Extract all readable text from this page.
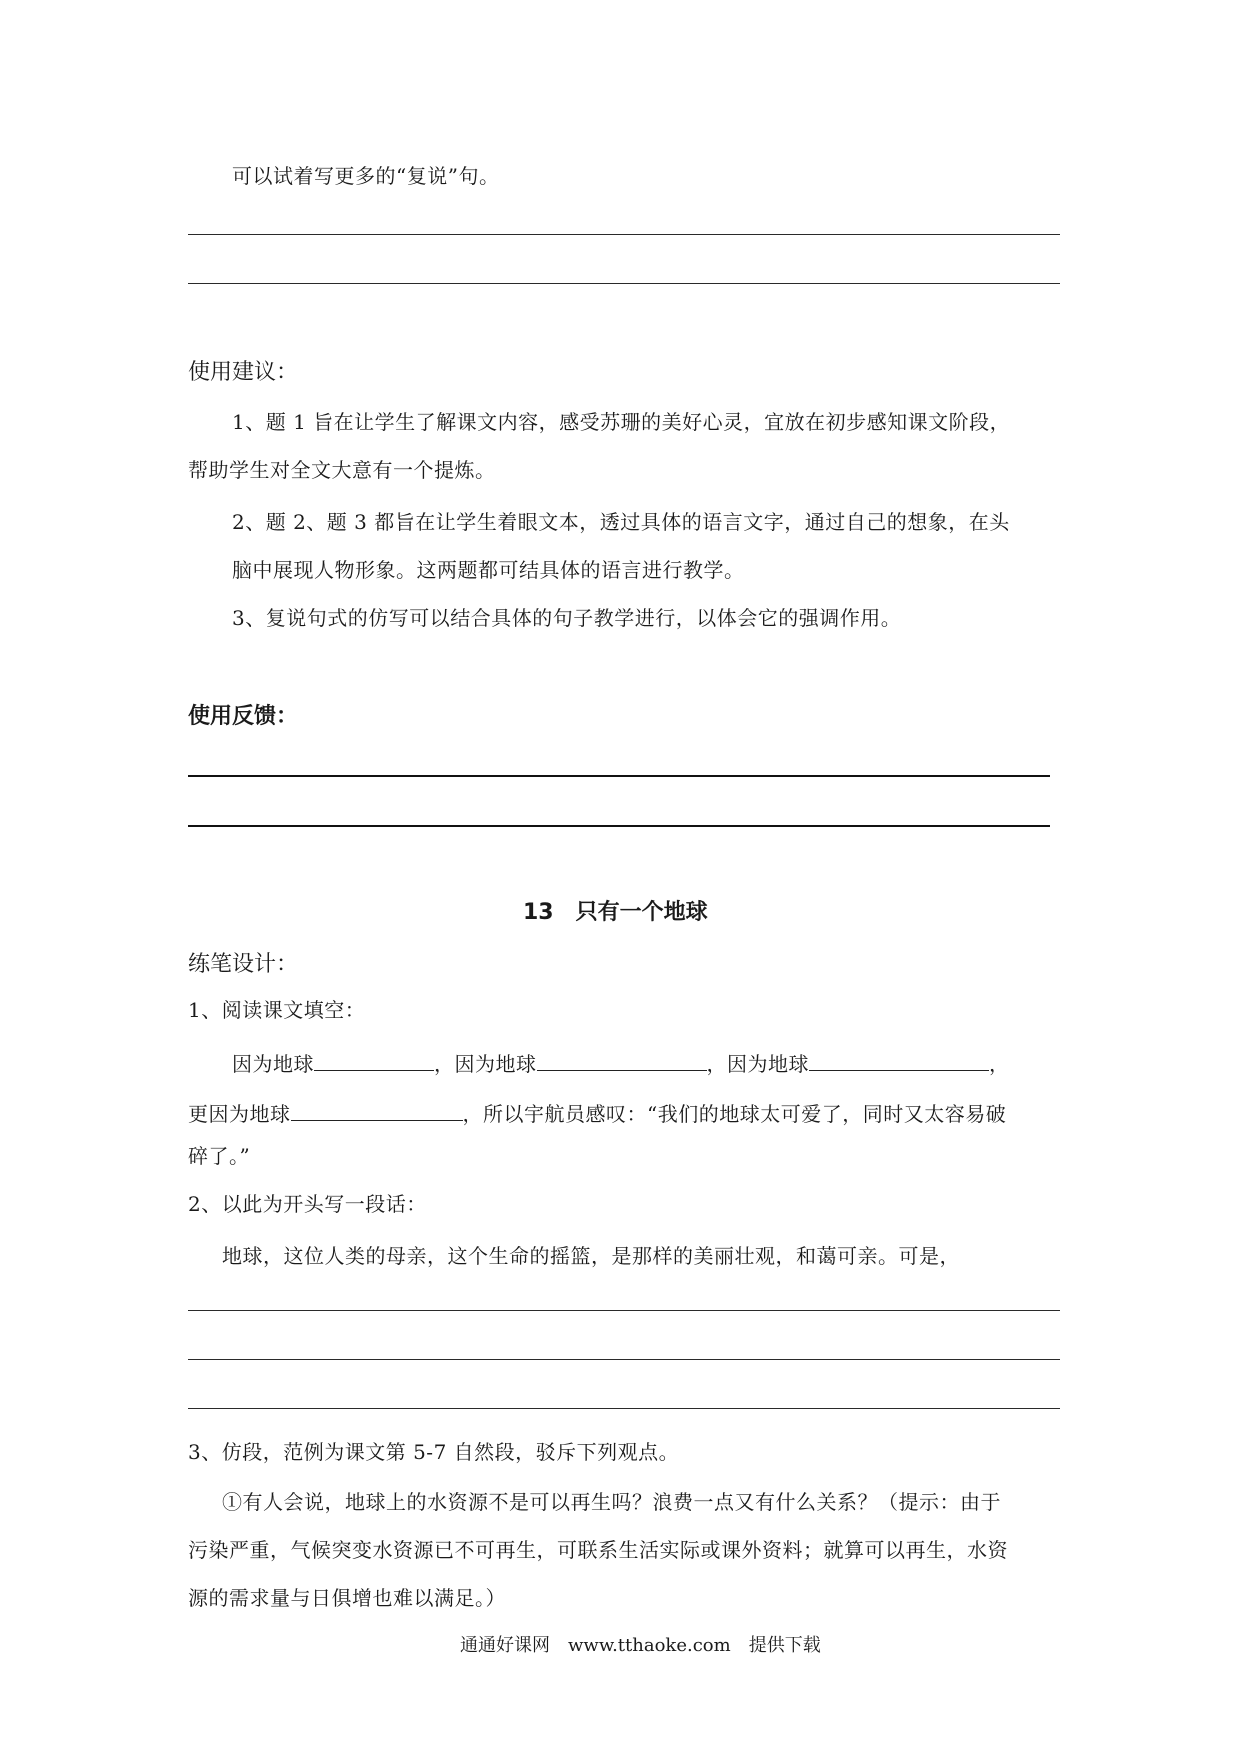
可以试着写更多的“复说”句。
使用建议：
1、题 1 旨在让学生了解课文内容，感受苏珊的美好心灵，宜放在初步感知课文阶段，
帮助学生对全文大意有一个提炼。
2、题 2、题 3 都旨在让学生着眼文本，透过具体的语言文字，通过自己的想象，在头
脑中展现人物形象。这两题都可结具体的语言进行教学。
3、复说句式的仿写可以结合具体的句子教学进行，以体会它的强调作用。
使用反馈：
13　只有一个地球
练笔设计：
1、阅读课文填空：
因为地球	，因为地球	，因为地球	，
更因为地球	，所以宇航员感叹：“我们的地球太可爱了，同时又太容易破
碎了。”
2、以此为开头写一段话：
地球，这位人类的母亲，这个生命的摇篮，是那样的美丽壮观，和蔼可亲。可是，
3、仿段，范例为课文第 5-7 自然段，驳斥下列观点。
①有人会说，地球上的水资源不是可以再生吗？浪费一点又有什么关系？（提示：由于
污染严重，气候突变水资源已不可再生，可联系生活实际或课外资料；就算可以再生，水资
源的需求量与日俱增也难以满足。）
通通好课网　www.tthaoke.com　提供下载
